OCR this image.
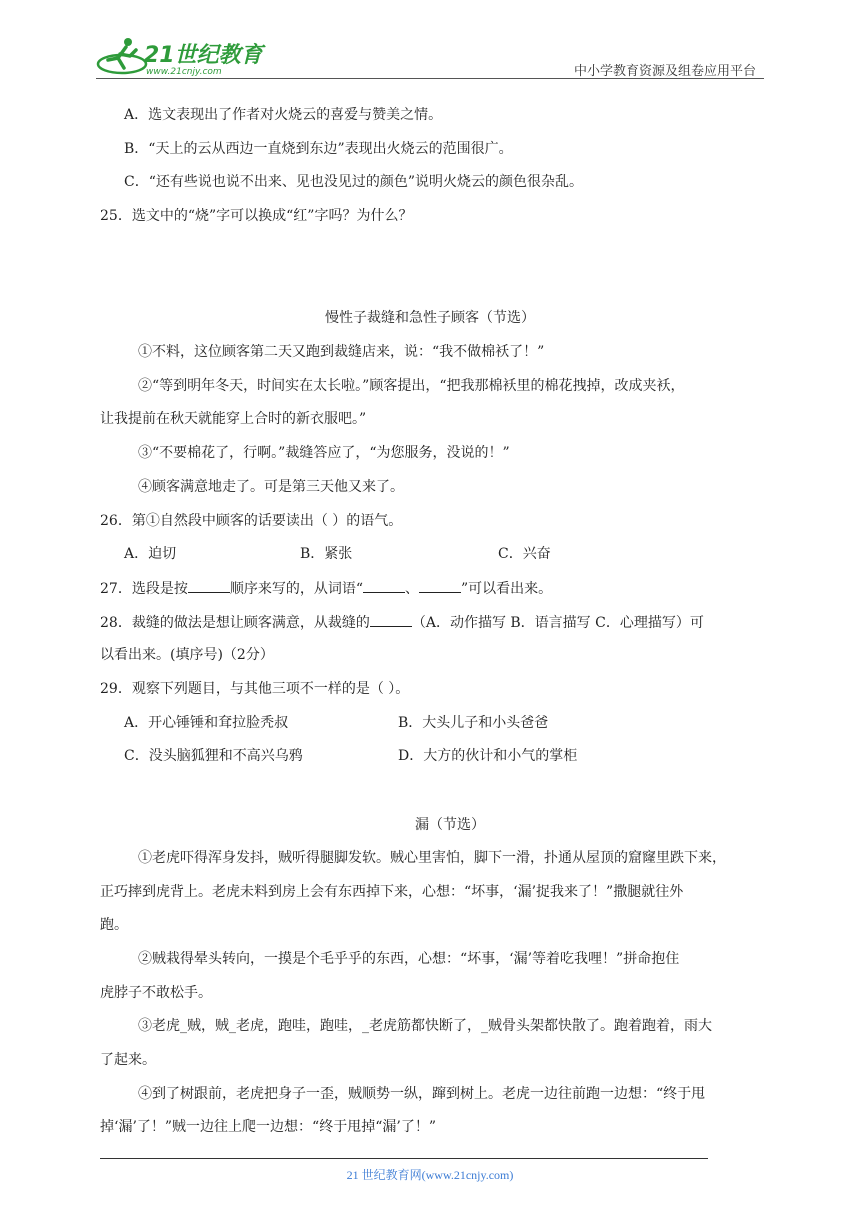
21世纪教育
www.21cnjy.com	中小学教育资源及组卷应用平台
A．选文表现出了作者对火烧云的喜爱与赞美之情。
B．“天上的云从西边一直烧到东边”表现出火烧云的范围很广。
C．“还有些说也说不出来、见也没见过的颜色”说明火烧云的颜色很杂乱。
25．选文中的“烧”字可以换成“红”字吗？为什么？
慢性子裁缝和急性子顾客（节选）
①不料，这位顾客第二天又跑到裁缝店来，说：“我不做棉袄了！”
②“等到明年冬天，时间实在太长啦。”顾客提出，“把我那棉袄里的棉花拽掉，改成夹袄，
让我提前在秋天就能穿上合时的新衣服吧。”
③“不要棉花了，行啊。”裁缝答应了，“为您服务，没说的！”
④顾客满意地走了。可是第三天他又来了。
26．第①自然段中顾客的话要读出（ ）的语气。
A．迫切	B．紧张	C．兴奋
27．选段是按	顺序来写的，从词语“	、	”可以看出来。
28．裁缝的做法是想让顾客满意，从裁缝的	（A．动作描写 B．语言描写 C．心理描写）可
以看出来。(填序号)（2分）
29．观察下列题目，与其他三项不一样的是（ ）。
A．开心锤锤和耷拉脸秃叔	B．大头儿子和小头爸爸
C．没头脑狐狸和不高兴乌鸦	D．大方的伙计和小气的掌柜
漏（节选）
①老虎吓得浑身发抖，贼听得腿脚发软。贼心里害怕，脚下一滑，扑通从屋顶的窟窿里跌下来，
正巧摔到虎背上。老虎未料到房上会有东西掉下来，心想：“坏事，‘漏’捉我来了！”撒腿就往外
跑。
②贼栽得晕头转向，一摸是个毛乎乎的东西，心想：“坏事，‘漏’等着吃我哩！”拼命抱住
虎脖子不敢松手。
③老虎_贼，贼_老虎，跑哇，跑哇，_老虎筋都快断了，_贼骨头架都快散了。跑着跑着，雨大
了起来。
④到了树跟前，老虎把身子一歪，贼顺势一纵，蹿到树上。老虎一边往前跑一边想：“终于甩
掉‘漏’了！”贼一边往上爬一边想：“终于甩掉“漏’了！”
21 世纪教育网(www.21cnjy.com)
